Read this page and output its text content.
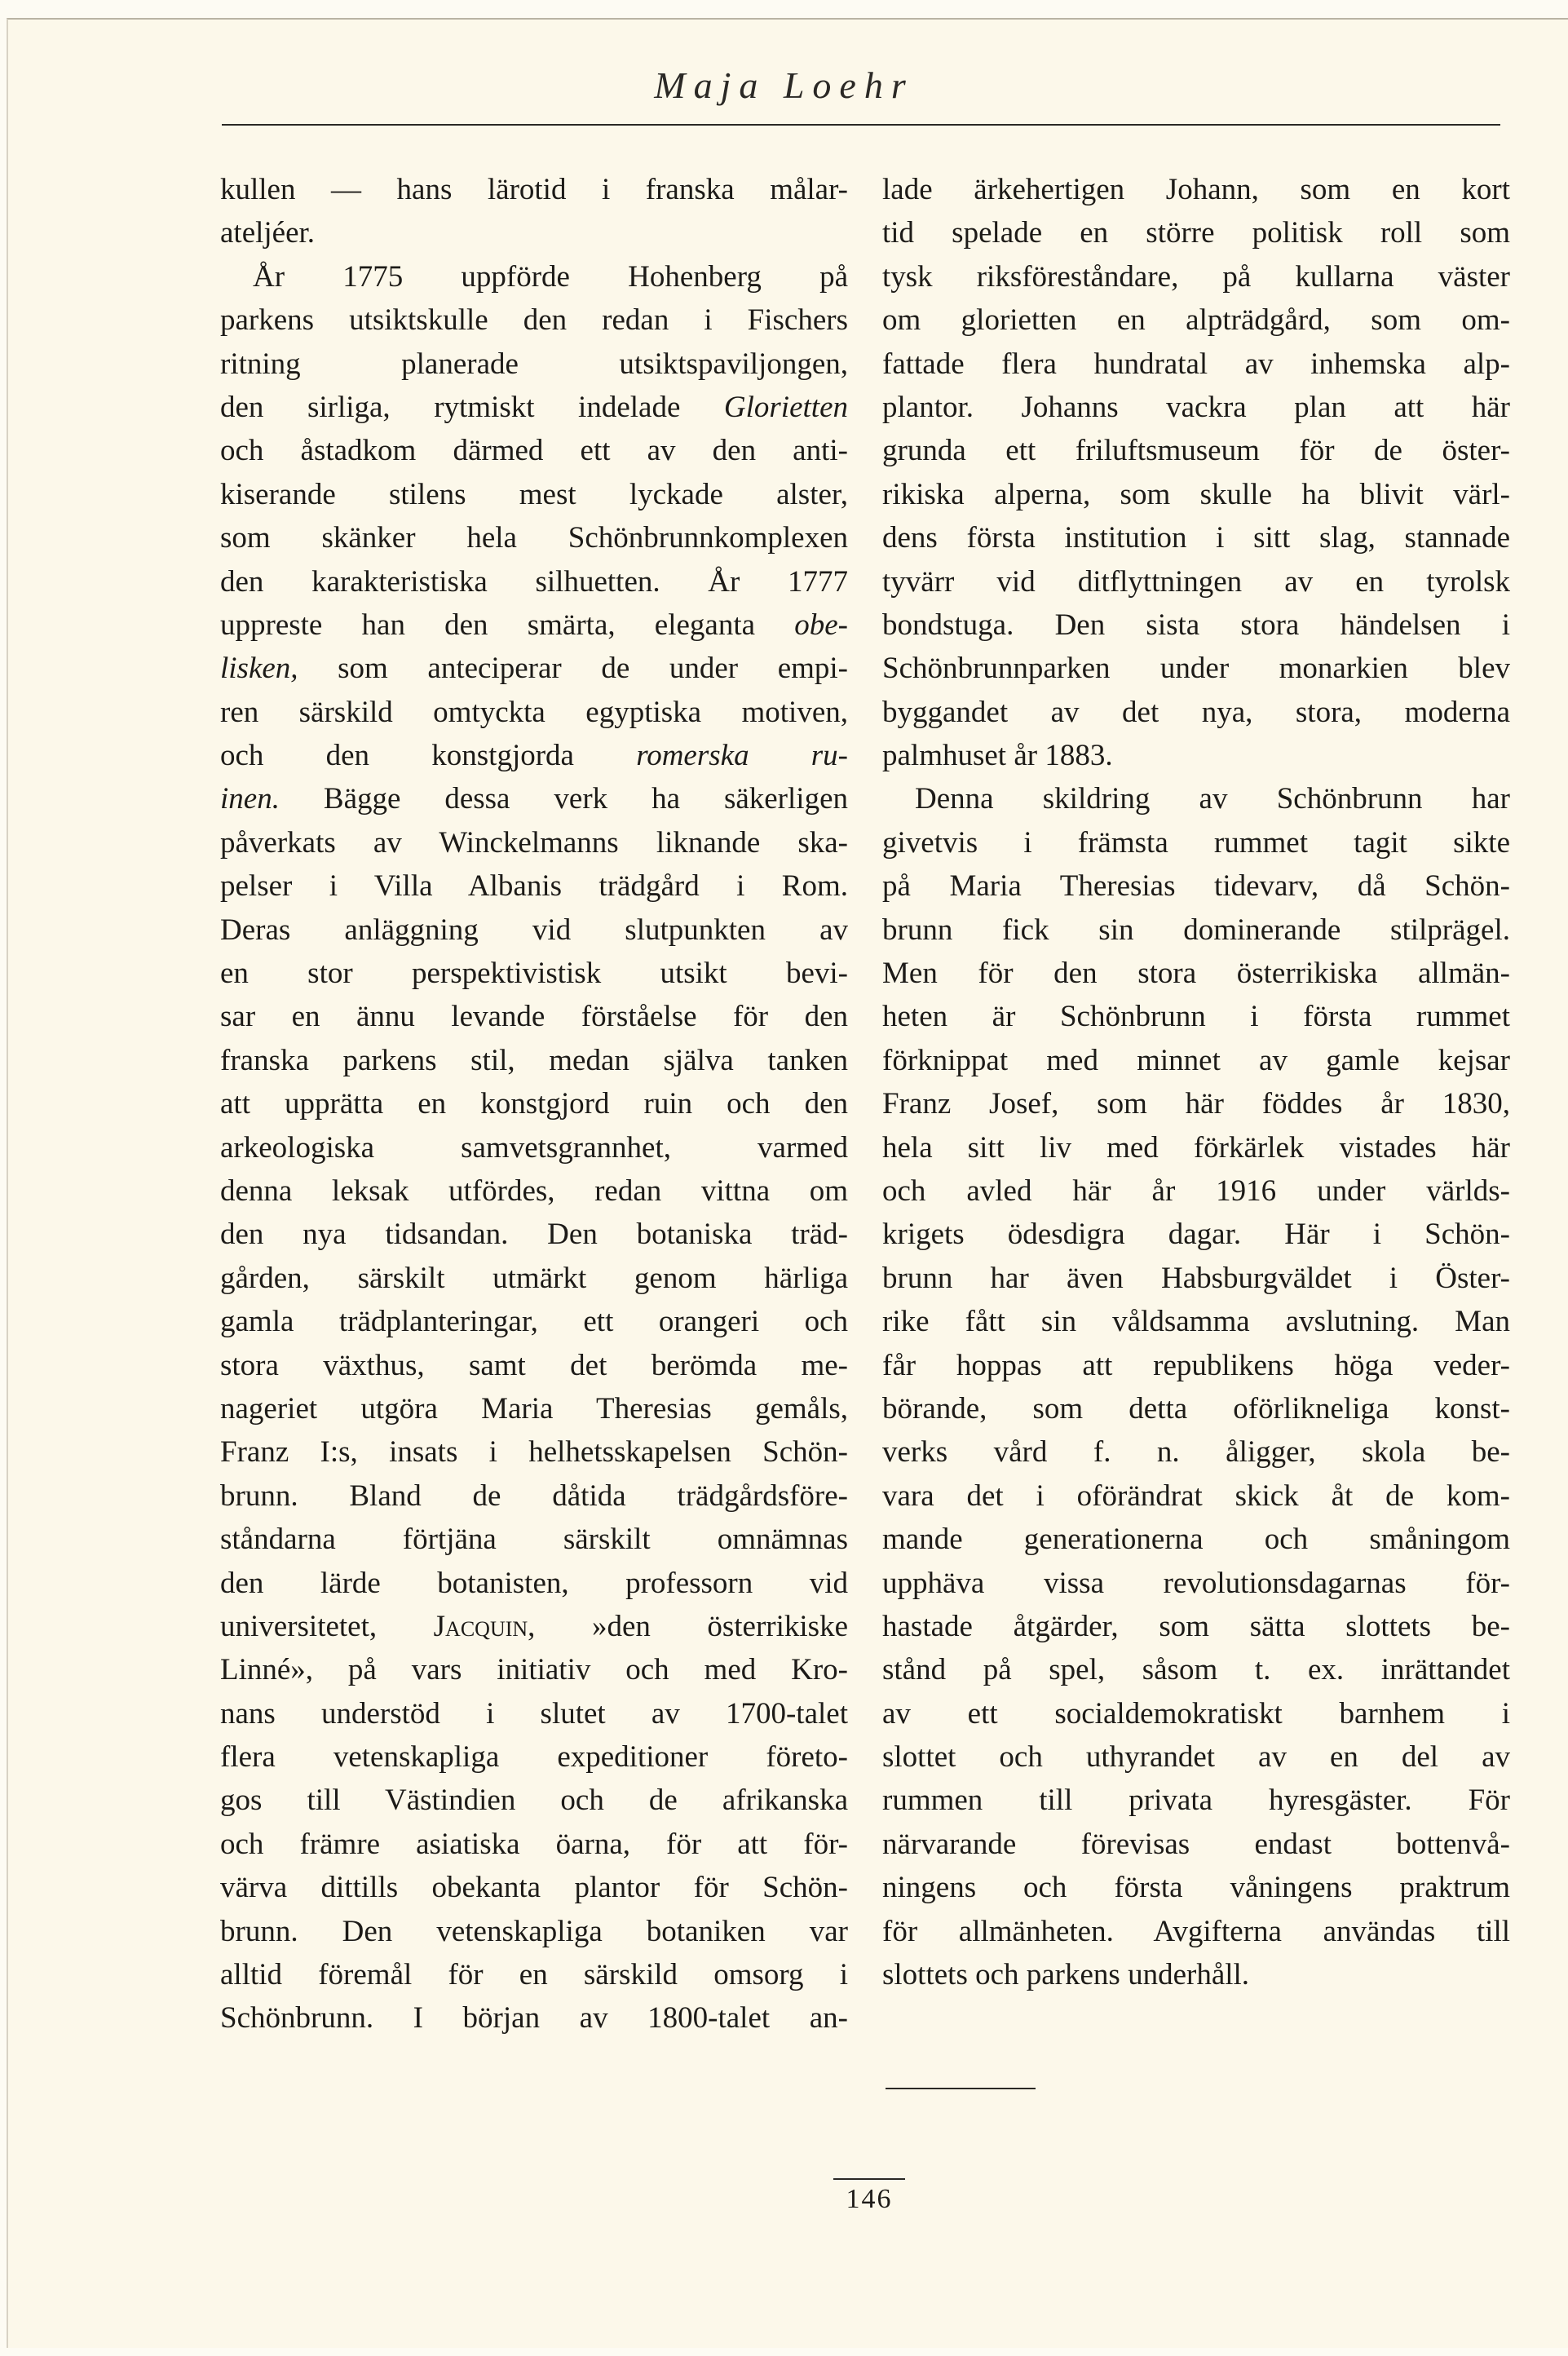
Maja Loehr
kullen — hans lärotid i franska målar-
ateljéer.
År 1775 uppförde Hohenberg på
parkens utsiktskulle den redan i Fischers
ritning planerade utsiktspaviljongen,
den sirliga, rytmiskt indelade Glorietten
och åstadkom därmed ett av den anti-
kiserande stilens mest lyckade alster,
som skänker hela Schönbrunnkomplexen
den karakteristiska silhuetten. År 1777
uppreste han den smärta, eleganta obe-
lisken, som anteciperar de under empi-
ren särskild omtyckta egyptiska motiven,
och den konstgjorda romerska ru-
inen. Bägge dessa verk ha säkerligen
påverkats av Winckelmanns liknande ska-
pelser i Villa Albanis trädgård i Rom.
Deras anläggning vid slutpunkten av
en stor perspektivistisk utsikt bevi-
sar en ännu levande förståelse för den
franska parkens stil, medan själva tanken
att upprätta en konstgjord ruin och den
arkeologiska samvetsgrannhet, varmed
denna leksak utfördes, redan vittna om
den nya tidsandan. Den botaniska träd-
gården, särskilt utmärkt genom härliga
gamla trädplanteringar, ett orangeri och
stora växthus, samt det berömda me-
nageriet utgöra Maria Theresias gemåls,
Franz I:s, insats i helhetsskapelsen Schön-
brunn. Bland de dåtida trädgårdsföre-
ståndarna förtjäna särskilt omnämnas
den lärde botanisten, professorn vid
universitetet, Jacquin, »den österrikiske
Linné», på vars initiativ och med Kro-
nans understöd i slutet av 1700-talet
flera vetenskapliga expeditioner företo-
gos till Västindien och de afrikanska
och främre asiatiska öarna, för att för-
värva dittills obekanta plantor för Schön-
brunn. Den vetenskapliga botaniken var
alltid föremål för en särskild omsorg i
Schönbrunn. I början av 1800-talet an-
lade ärkehertigen Johann, som en kort
tid spelade en större politisk roll som
tysk riksföreståndare, på kullarna väster
om glorietten en alpträdgård, som om-
fattade flera hundratal av inhemska alp-
plantor. Johanns vackra plan att här
grunda ett friluftsmuseum för de öster-
rikiska alperna, som skulle ha blivit värl-
dens första institution i sitt slag, stannade
tyvärr vid ditflyttningen av en tyrolsk
bondstuga. Den sista stora händelsen i
Schönbrunnparken under monarkien blev
byggandet av det nya, stora, moderna
palmhuset år 1883.
Denna skildring av Schönbrunn har
givetvis i främsta rummet tagit sikte
på Maria Theresias tidevarv, då Schön-
brunn fick sin dominerande stilprägel.
Men för den stora österrikiska allmän-
heten är Schönbrunn i första rummet
förknippat med minnet av gamle kejsar
Franz Josef, som här föddes år 1830,
hela sitt liv med förkärlek vistades här
och avled här år 1916 under världs-
krigets ödesdigra dagar. Här i Schön-
brunn har även Habsburgväldet i Öster-
rike fått sin våldsamma avslutning. Man
får hoppas att republikens höga veder-
börande, som detta oförlikneliga konst-
verks vård f. n. åligger, skola be-
vara det i oförändrat skick åt de kom-
mande generationerna och småningom
upphäva vissa revolutionsdagarnas för-
hastade åtgärder, som sätta slottets be-
stånd på spel, såsom t. ex. inrättandet
av ett socialdemokratiskt barnhem i
slottet och uthyrandet av en del av
rummen till privata hyresgäster. För
närvarande förevisas endast bottenvå-
ningens och första våningens praktrum
för allmänheten. Avgifterna användas till
slottets och parkens underhåll.
146
